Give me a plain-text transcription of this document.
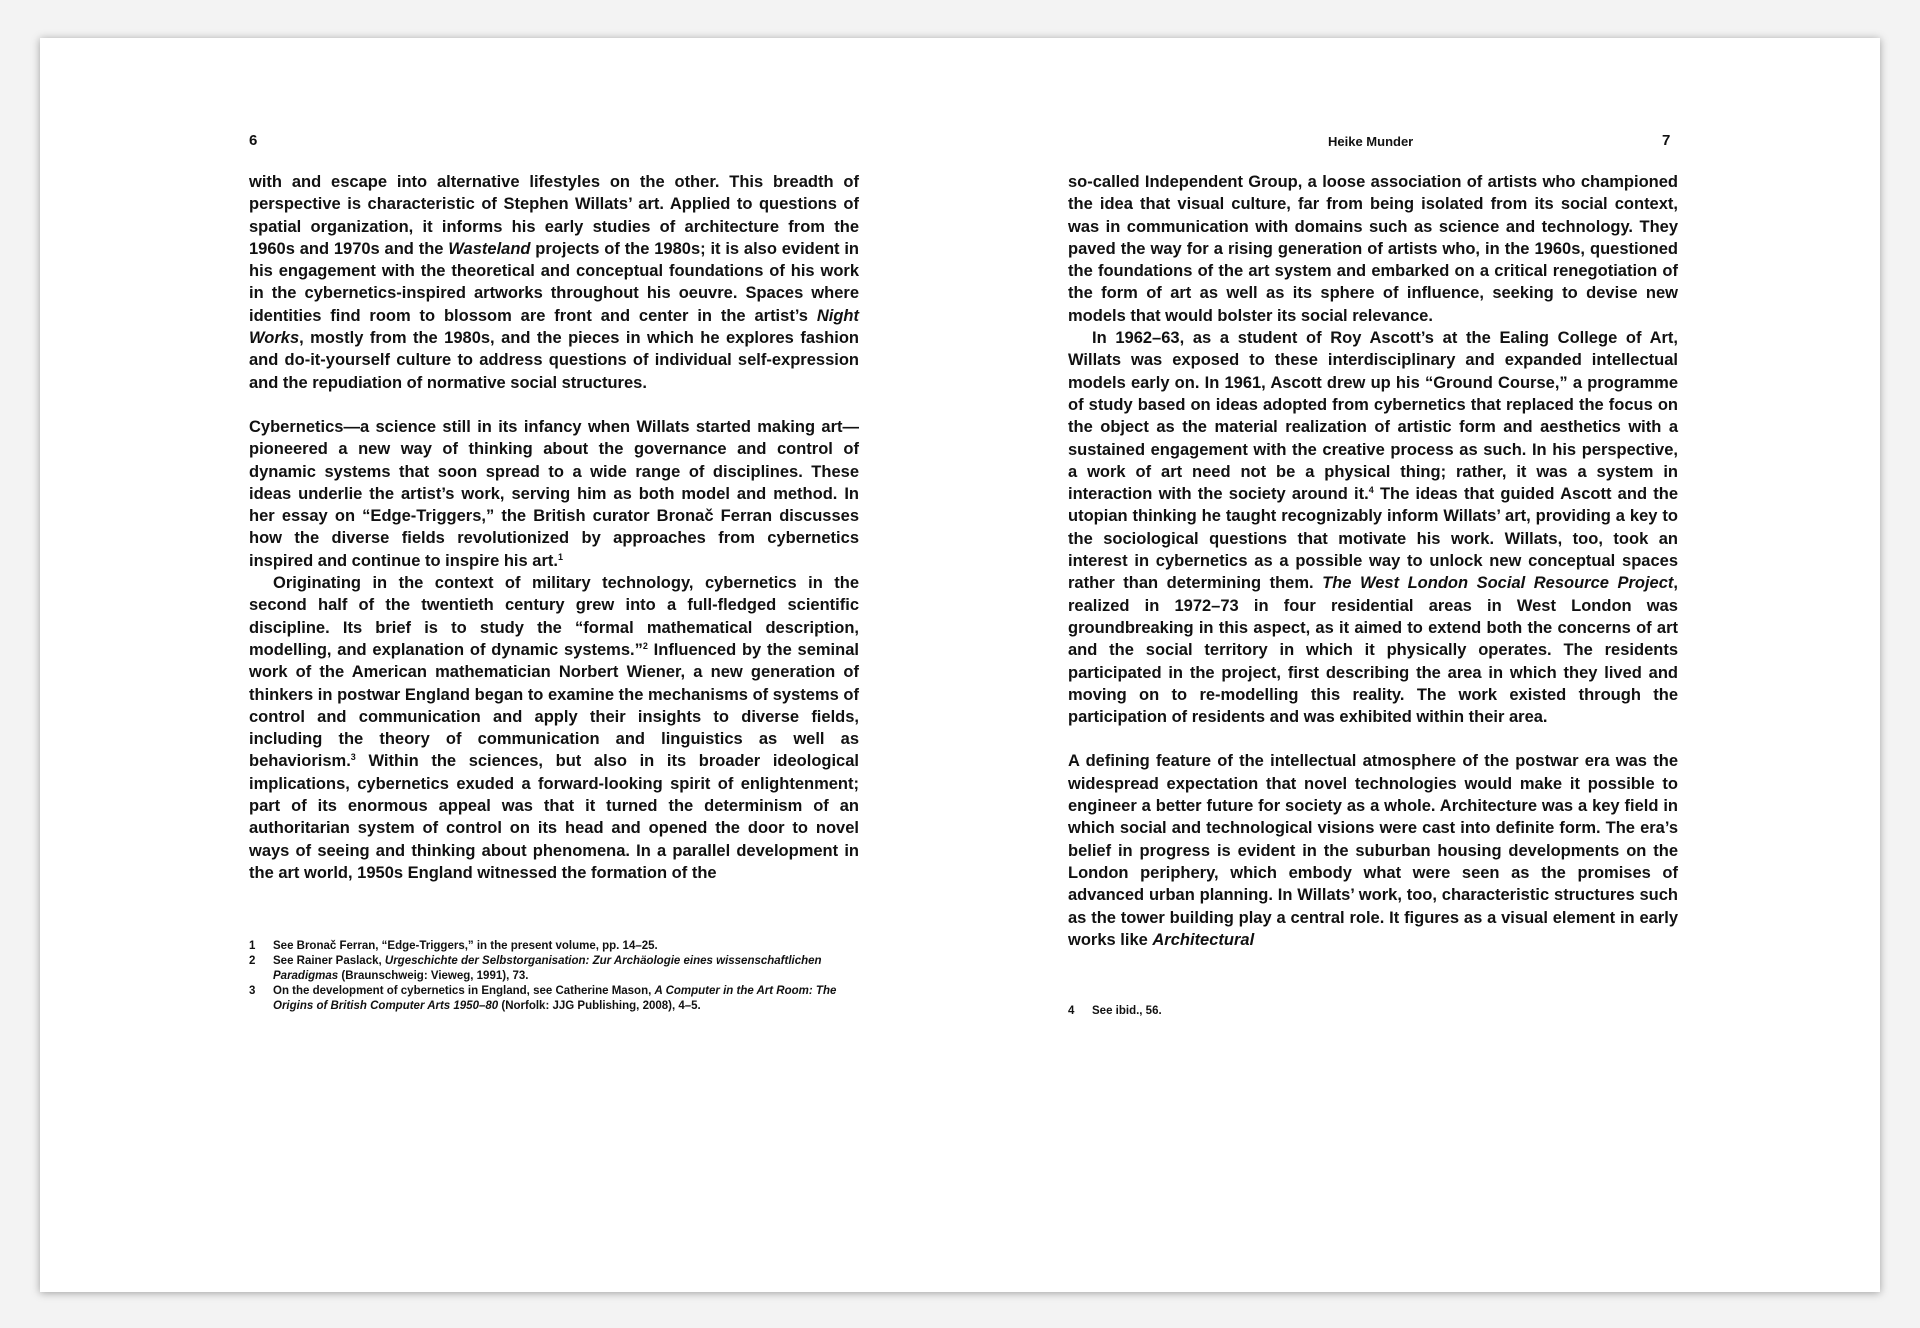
6	Heike Munder	7

with and escape into alternative lifestyles on the other. This breadth of perspective is characteristic of Stephen Willats’ art. Applied to questions of spatial organization, it informs his early studies of architecture from the 1960s and 1970s and the Wasteland projects of the 1980s; it is also evident in his engagement with the theoretical and conceptual foundations of his work in the cybernetics-inspired artworks throughout his oeuvre. Spaces where identities find room to blossom are front and center in the artist’s Night Works, mostly from the 1980s, and the pieces in which he explores fashion and do-it-yourself culture to address questions of individual self-expression and the repudiation of normative social structures.

Cybernetics—a science still in its infancy when Willats started making art—pioneered a new way of thinking about the governance and control of dynamic systems that soon spread to a wide range of disciplines. These ideas underlie the artist’s work, serving him as both model and method. In her essay on “Edge-Triggers,” the British curator Bronač Ferran discusses how the diverse fields revolutionized by approaches from cybernetics inspired and continue to inspire his art.$^1$

Originating in the context of military technology, cybernetics in the second half of the twentieth century grew into a full-fledged scientific discipline. Its brief is to study the “formal mathematical description, modelling, and explanation of dynamic systems.”$^2$ Influenced by the seminal work of the American mathematician Norbert Wiener, a new generation of thinkers in postwar England began to examine the mechanisms of systems of control and communication and apply their insights to diverse fields, including the theory of communication and linguistics as well as behaviorism.$^3$ Within the sciences, but also in its broader ideological implications, cybernetics exuded a forward-looking spirit of enlightenment; part of its enormous appeal was that it turned the determinism of an authoritarian system of control on its head and opened the door to novel ways of seeing and thinking about phenomena. In a parallel development in the art world, 1950s England witnessed the formation of the

1	See Bronač Ferran, “Edge-Triggers,” in the present volume, pp. 14–25.
2	See Rainer Paslack, Urgeschichte der Selbstorganisation: Zur Archäologie eines wissenschaftlichen Paradigmas (Braunschweig: Vieweg, 1991), 73.
3	On the development of cybernetics in England, see Catherine Mason, A Computer in the Art Room: The Origins of British Computer Arts 1950–80 (Norfolk: JJG Publishing, 2008), 4–5.

so-called Independent Group, a loose association of artists who championed the idea that visual culture, far from being isolated from its social context, was in communication with domains such as science and technology. They paved the way for a rising generation of artists who, in the 1960s, questioned the foundations of the art system and embarked on a critical renegotiation of the form of art as well as its sphere of influence, seeking to devise new models that would bolster its social relevance.

In 1962–63, as a student of Roy Ascott’s at the Ealing College of Art, Willats was exposed to these interdisciplinary and expanded intellectual models early on. In 1961, Ascott drew up his “Ground Course,” a programme of study based on ideas adopted from cybernetics that replaced the focus on the object as the material realization of artistic form and aesthetics with a sustained engagement with the creative process as such. In his perspective, a work of art need not be a physical thing; rather, it was a system in interaction with the society around it.$^4$ The ideas that guided Ascott and the utopian thinking he taught recognizably inform Willats’ art, providing a key to the sociological questions that motivate his work. Willats, too, took an interest in cybernetics as a possible way to unlock new conceptual spaces rather than determining them. The West London Social Resource Project, realized in 1972–73 in four residential areas in West London was groundbreaking in this aspect, as it aimed to extend both the concerns of art and the social territory in which it physically operates. The residents participated in the project, first describing the area in which they lived and moving on to re-modelling this reality. The work existed through the participation of residents and was exhibited within their area.

A defining feature of the intellectual atmosphere of the postwar era was the widespread expectation that novel technologies would make it possible to engineer a better future for society as a whole. Architecture was a key field in which social and technological visions were cast into definite form. The era’s belief in progress is evident in the suburban housing developments on the London periphery, which embody what were seen as the promises of advanced urban planning. In Willats’ work, too, characteristic structures such as the tower building play a central role. It figures as a visual element in early works like Architectural

4	See ibid., 56.
